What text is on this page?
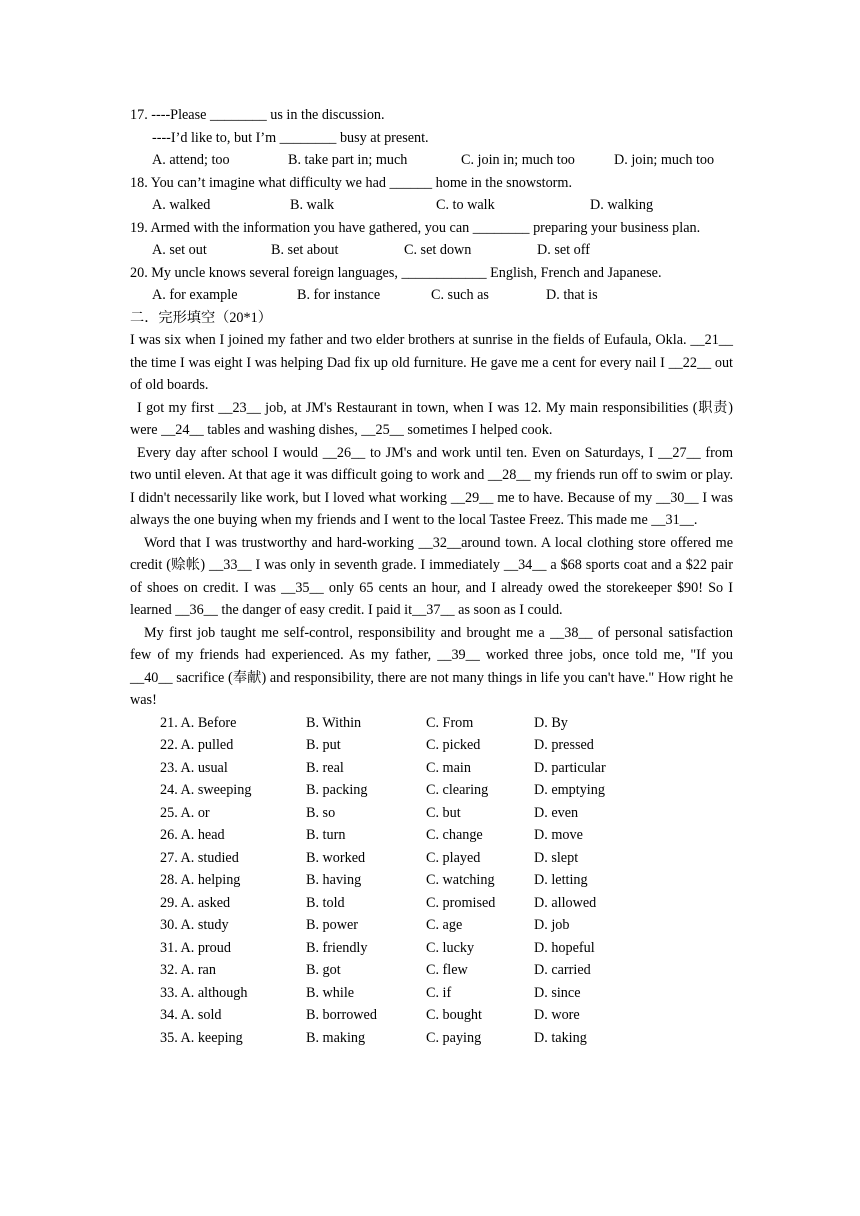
17. ----Please ________ us in the discussion.
----I’d like to, but I’m ________ busy at present.
A. attend; too	B. take part in; much	C. join in; much too	D. join; much too
18. You can’t imagine what difficulty we had ______ home in the snowstorm.
A. walked	B. walk	C. to walk	D. walking
19. Armed with the information you have gathered, you can ________ preparing your business plan.
A. set out	B. set about	C. set down	D. set off
20. My uncle knows several foreign languages, ____________ English, French and Japanese.
A. for example	B. for instance	C. such as	D. that is
二．完形填空（20*1）
I was six when I joined my father and two elder brothers at sunrise in the fields of Eufaula, Okla. __21__ the time I was eight I was helping Dad fix up old furniture. He gave me a cent for every nail I __22__ out of old boards.
I got my first __23__ job, at JM's Restaurant in town, when I was 12. My main responsibilities (职责) were __24__ tables and washing dishes, __25__ sometimes I helped cook.
Every day after school I would __26__ to JM's and work until ten. Even on Saturdays, I __27__ from two until eleven. At that age it was difficult going to work and __28__ my friends run off to swim or play. I didn't necessarily like work, but I loved what working __29__ me to have. Because of my __30__ I was always the one buying when my friends and I went to the local Tastee Freez. This made me __31__.
Word that I was trustworthy and hard-working __32__around town. A local clothing store offered me credit (赊帐) __33__ I was only in seventh grade. I immediately __34__ a $68 sports coat and a $22 pair of shoes on credit. I was __35__ only 65 cents an hour, and I already owed the storekeeper $90! So I learned __36__ the danger of easy credit. I paid it__37__ as soon as I could.
My first job taught me self-control, responsibility and brought me a __38__ of personal satisfaction few of my friends had experienced. As my father, __39__ worked three jobs, once told me, "If you __40__ sacrifice (奉献) and responsibility, there are not many things in life you can't have." How right he was!
21. A. Before	B. Within	C. From	D. By
22. A. pulled	B. put	C. picked	D. pressed
23. A. usual	B. real	C. main	D. particular
24. A. sweeping	B. packing	C. clearing	D. emptying
25. A. or	B. so	C. but	D. even
26. A. head	B. turn	C. change	D. move
27. A. studied	B. worked	C. played	D. slept
28. A. helping	B. having	C. watching	D. letting
29. A. asked	B. told	C. promised	D. allowed
30. A. study	B. power	C. age	D. job
31. A. proud	B. friendly	C. lucky	D. hopeful
32. A. ran	B. got	C. flew	D. carried
33. A. although	B. while	C. if	D. since
34. A. sold	B. borrowed	C. bought	D. wore
35. A. keeping	B. making	C. paying	D. taking
